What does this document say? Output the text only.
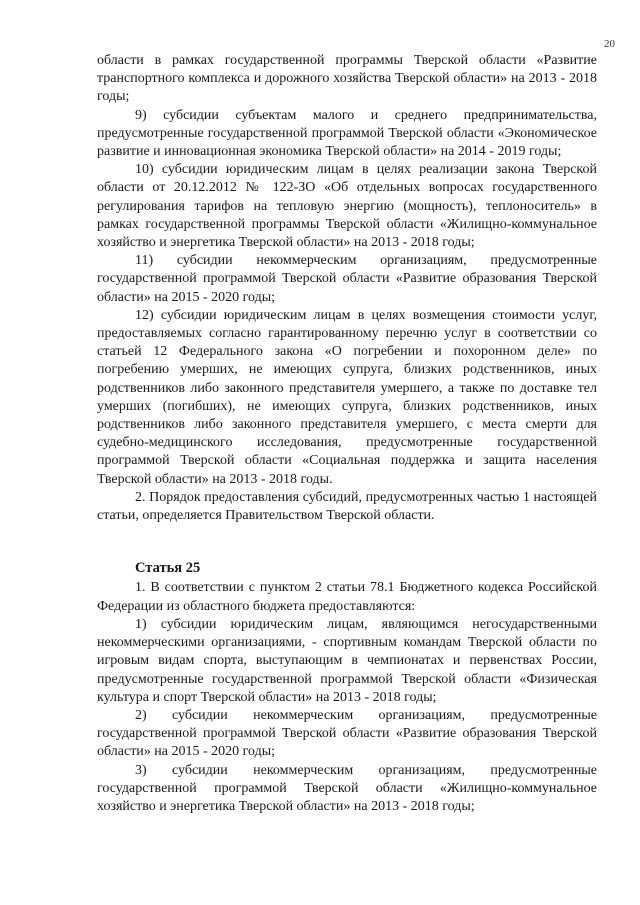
20

области в рамках государственной программы Тверской области «Развитие транспортного комплекса и дорожного хозяйства Тверской области» на 2013 - 2018 годы;

9) субсидии субъектам малого и среднего предпринимательства, предусмотренные государственной программой Тверской области «Экономическое развитие и инновационная экономика Тверской области» на 2014 - 2019 годы;

10) субсидии юридическим лицам в целях реализации закона Тверской области от 20.12.2012 № 122-ЗО «Об отдельных вопросах государственного регулирования тарифов на тепловую энергию (мощность), теплоноситель» в рамках государственной программы Тверской области «Жилищно-коммунальное хозяйство и энергетика Тверской области» на 2013 - 2018 годы;

11) субсидии некоммерческим организациям, предусмотренные государственной программой Тверской области «Развитие образования Тверской области» на 2015 - 2020 годы;

12) субсидии юридическим лицам в целях возмещения стоимости услуг, предоставляемых согласно гарантированному перечню услуг в соответствии со статьей 12 Федерального закона «О погребении и похоронном деле» по погребению умерших, не имеющих супруга, близких родственников, иных родственников либо законного представителя умершего, а также по доставке тел умерших (погибших), не имеющих супруга, близких родственников, иных родственников либо законного представителя умершего, с места смерти для судебно-медицинского исследования, предусмотренные государственной программой Тверской области «Социальная поддержка и защита населения Тверской области» на 2013 - 2018 годы.

2. Порядок предоставления субсидий, предусмотренных частью 1 настоящей статьи, определяется Правительством Тверской области.

Статья 25

1. В соответствии с пунктом 2 статьи 78.1 Бюджетного кодекса Российской Федерации из областного бюджета предоставляются:

1) субсидии юридическим лицам, являющимся негосударственными некоммерческими организациями, - спортивным командам Тверской области по игровым видам спорта, выступающим в чемпионатах и первенствах России, предусмотренные государственной программой Тверской области «Физическая культура и спорт Тверской области» на 2013 - 2018 годы;

2) субсидии некоммерческим организациям, предусмотренные государственной программой Тверской области «Развитие образования Тверской области» на 2015 - 2020 годы;

3) субсидии некоммерческим организациям, предусмотренные государственной программой Тверской области «Жилищно-коммунальное хозяйство и энергетика Тверской области» на 2013 - 2018 годы;
